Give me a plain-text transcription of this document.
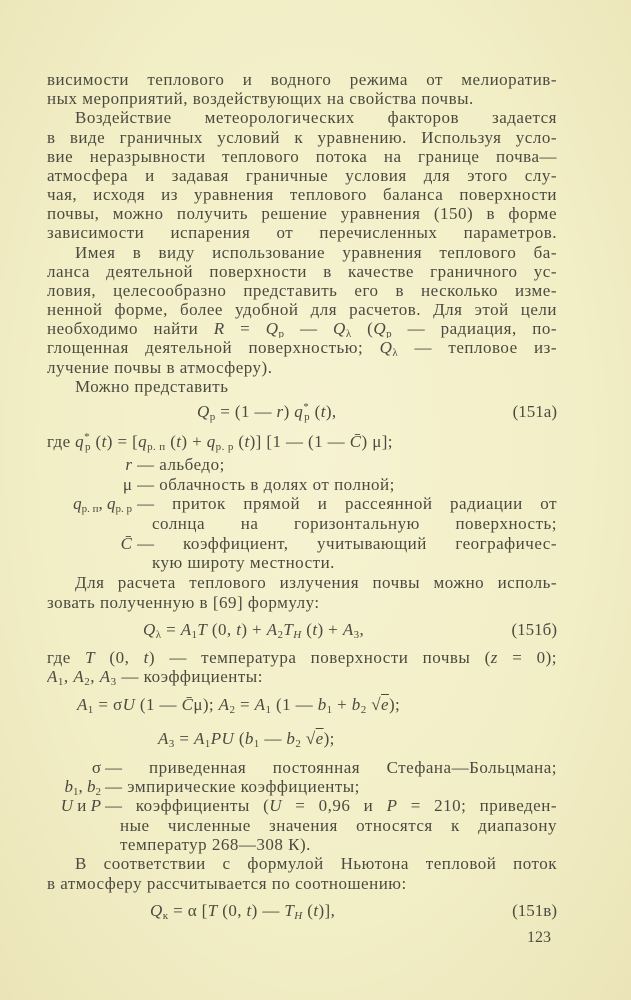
висимости теплового и водного режима от мелиоратив-
ных мероприятий, воздействующих на свойства почвы.
Воздействие метеорологических факторов задается
в виде граничных условий к уравнению. Используя усло-
вие неразрывности теплового потока на границе почва—
атмосфера и задавая граничные условия для этого слу-
чая, исходя из уравнения теплового баланса поверхности
почвы, можно получить решение уравнения (150) в форме
зависимости испарения от перечисленных параметров.
Имея в виду использование уравнения теплового ба-
ланса деятельной поверхности в качестве граничного ус-
ловия, целесообразно представить его в несколько изме-
ненной форме, более удобной для расчетов. Для этой цели
необходимо найти $R = Q_р$ — $Q_\lambda$ ($Q_р$ — радиация, по-
глощенная деятельной поверхностью; $Q_\lambda$ — тепловое из-
лучение почвы в атмосферу).
Можно представить
$Q_р = (1$ — r) $q^*_р$ (t),	(151а)
где $q^*_р$ $(t) = [q_{р. п}$ $(t) + q_{р. р}$ (t)] [1 — (1 — C̄) μ];
r — альбедо;
μ — облачность в долях от полной;
$q_{р. п}$, $q_{р. р}$ — приток прямой и рассеянной радиации от
солнца на горизонтальную поверхность;
C̄ — коэффициент, учитывающий географичес-
кую широту местности.
Для расчета теплового излучения почвы можно исполь-
зовать полученную в [69] формулу:
$Q_\lambda = A_1T$ (0, $t) + A_2TH$ $(t) + A_3$,	(151б)
где T (0, t) — температура поверхности почвы (z = 0);
$A_1$, $A_2$, $A_3$ — коэффициенты:
$A_1 = \sigma U$ (1 — C̄μ); $A_2 = A_1$ (1 — $b_1 + b_2$ √e);
$A_3 = A_1PU$ ($b_1$ — $b_2$ √e);
σ — приведенная постоянная Стефана—Больцмана;
$b_1$, $b_2$ — эмпирические коэффициенты;
U и P — коэффициенты (U = 0,96 и P = 210; приведен-
ные численные значения относятся к диапазону
температур 268—308 К).
В соответствии с формулой Ньютона тепловой поток
в атмосферу рассчитывается по соотношению:
$Q_к = \alpha$ [T (0, t) — TH (t)],	(151в)
123
